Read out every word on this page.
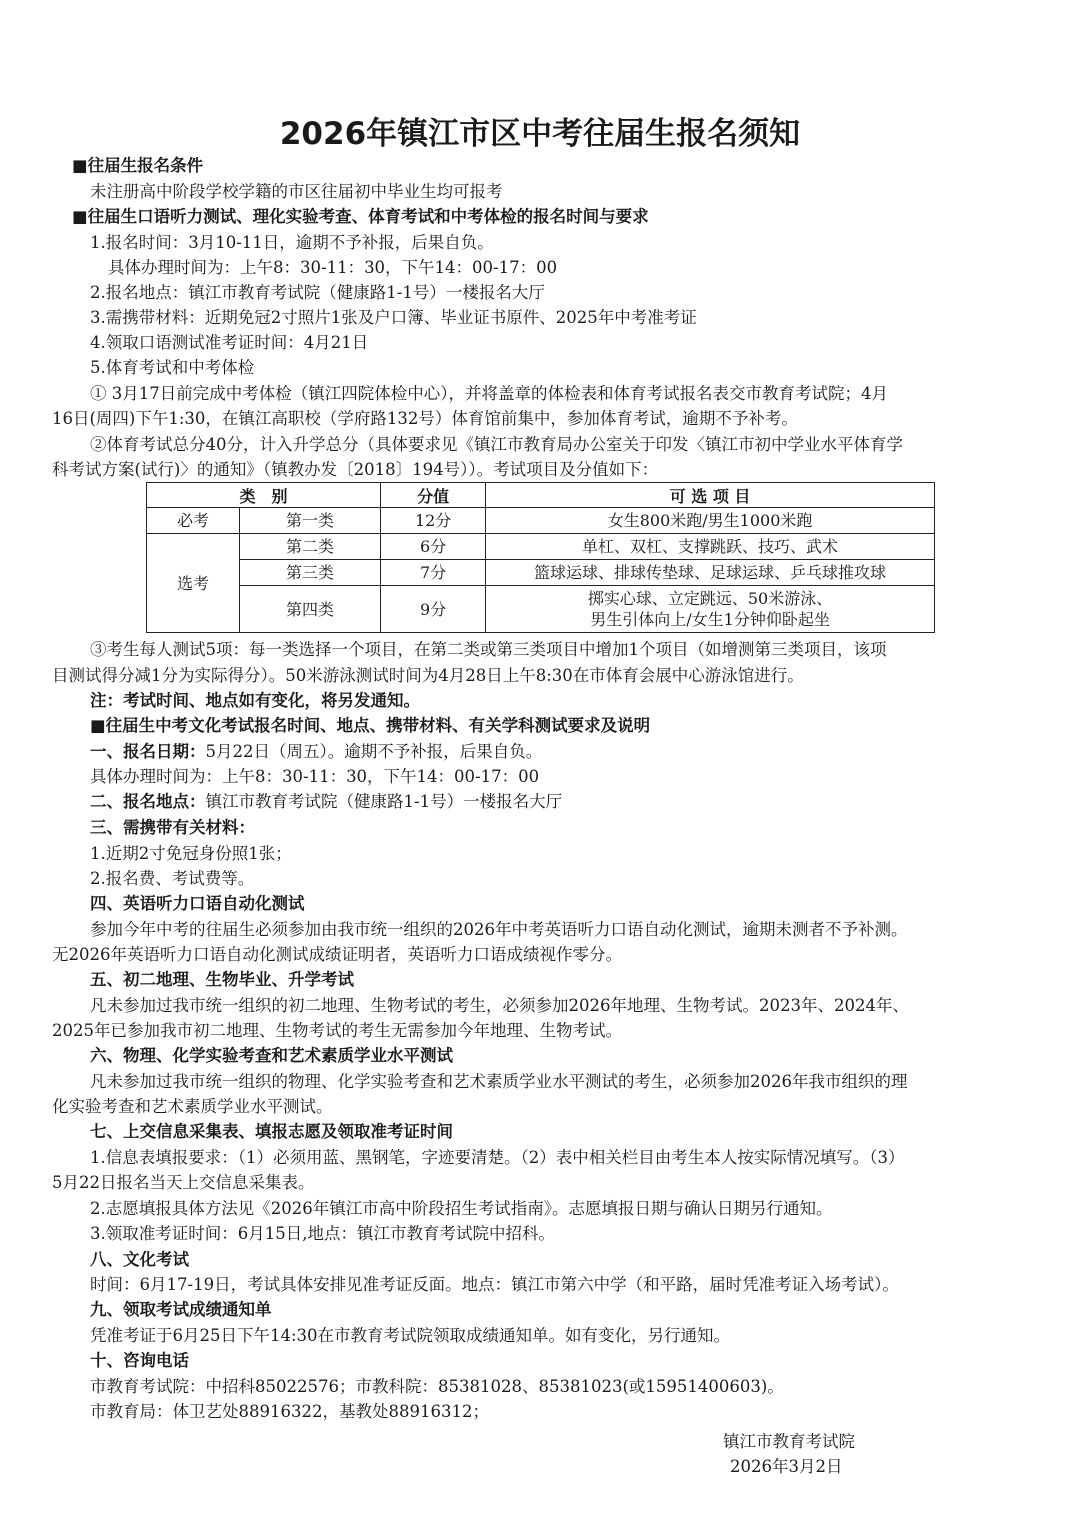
2026年镇江市区中考往届生报名须知
■往届生报名条件
未注册高中阶段学校学籍的市区往届初中毕业生均可报考
■往届生口语听力测试、理化实验考查、体育考试和中考体检的报名时间与要求
1.报名时间：3月10-11日，逾期不予补报，后果自负。
具体办理时间为：上午8：30-11：30，下午14：00-17：00
2.报名地点：镇江市教育考试院（健康路1-1号）一楼报名大厅
3.需携带材料：近期免冠2寸照片1张及户口簿、毕业证书原件、2025年中考准考证
4.领取口语测试准考证时间：4月21日
5.体育考试和中考体检
① 3月17日前完成中考体检（镇江四院体检中心），并将盖章的体检表和体育考试报名表交市教育考试院；4月
16日(周四)下午1:30，在镇江高职校（学府路132号）体育馆前集中，参加体育考试，逾期不予补考。
②体育考试总分40分，计入升学总分（具体要求见《镇江市教育局办公室关于印发〈镇江市初中学业水平体育学
科考试方案(试行)〉的通知》（镇教办发〔2018〕194号））。考试项目及分值如下：
类　别		分值	可 选 项 目
必考	第一类	12分	女生800米跑/男生1000米跑
选考	第二类	6分	单杠、双杠、支撑跳跃、技巧、武术
	第三类	7分	篮球运球、排球传垫球、足球运球、乒乓球推攻球
	第四类	9分	掷实心球、立定跳远、50米游泳、
男生引体向上/女生1分钟仰卧起坐
③考生每人测试5项：每一类选择一个项目，在第二类或第三类项目中增加1个项目（如增测第三类项目，该项
目测试得分减1分为实际得分）。50米游泳测试时间为4月28日上午8:30在市体育会展中心游泳馆进行。
注：考试时间、地点如有变化，将另发通知。
■往届生中考文化考试报名时间、地点、携带材料、有关学科测试要求及说明
一、报名日期：5月22日（周五）。逾期不予补报，后果自负。
具体办理时间为：上午8：30-11：30，下午14：00-17：00
二、报名地点：镇江市教育考试院（健康路1-1号）一楼报名大厅
三、需携带有关材料：
1.近期2寸免冠身份照1张；
2.报名费、考试费等。
四、英语听力口语自动化测试
参加今年中考的往届生必须参加由我市统一组织的2026年中考英语听力口语自动化测试，逾期未测者不予补测。
无2026年英语听力口语自动化测试成绩证明者，英语听力口语成绩视作零分。
五、初二地理、生物毕业、升学考试
凡未参加过我市统一组织的初二地理、生物考试的考生，必须参加2026年地理、生物考试。2023年、2024年、
2025年已参加我市初二地理、生物考试的考生无需参加今年地理、生物考试。
六、物理、化学实验考查和艺术素质学业水平测试
凡未参加过我市统一组织的物理、化学实验考查和艺术素质学业水平测试的考生，必须参加2026年我市组织的理
化实验考查和艺术素质学业水平测试。
七、上交信息采集表、填报志愿及领取准考证时间
1.信息表填报要求：（1）必须用蓝、黑钢笔，字迹要清楚。（2）表中相关栏目由考生本人按实际情况填写。（3）
5月22日报名当天上交信息采集表。
2.志愿填报具体方法见《2026年镇江市高中阶段招生考试指南》。志愿填报日期与确认日期另行通知。
3.领取准考证时间：6月15日,地点：镇江市教育考试院中招科。
八、文化考试
时间：6月17-19日，考试具体安排见准考证反面。地点：镇江市第六中学（和平路，届时凭准考证入场考试）。
九、领取考试成绩通知单
凭准考证于6月25日下午14:30在市教育考试院领取成绩通知单。如有变化，另行通知。
十、咨询电话
市教育考试院：中招科85022576；市教科院：85381028、85381023(或15951400603)。
市教育局：体卫艺处88916322，基教处88916312；
镇江市教育考试院
2026年3月2日
